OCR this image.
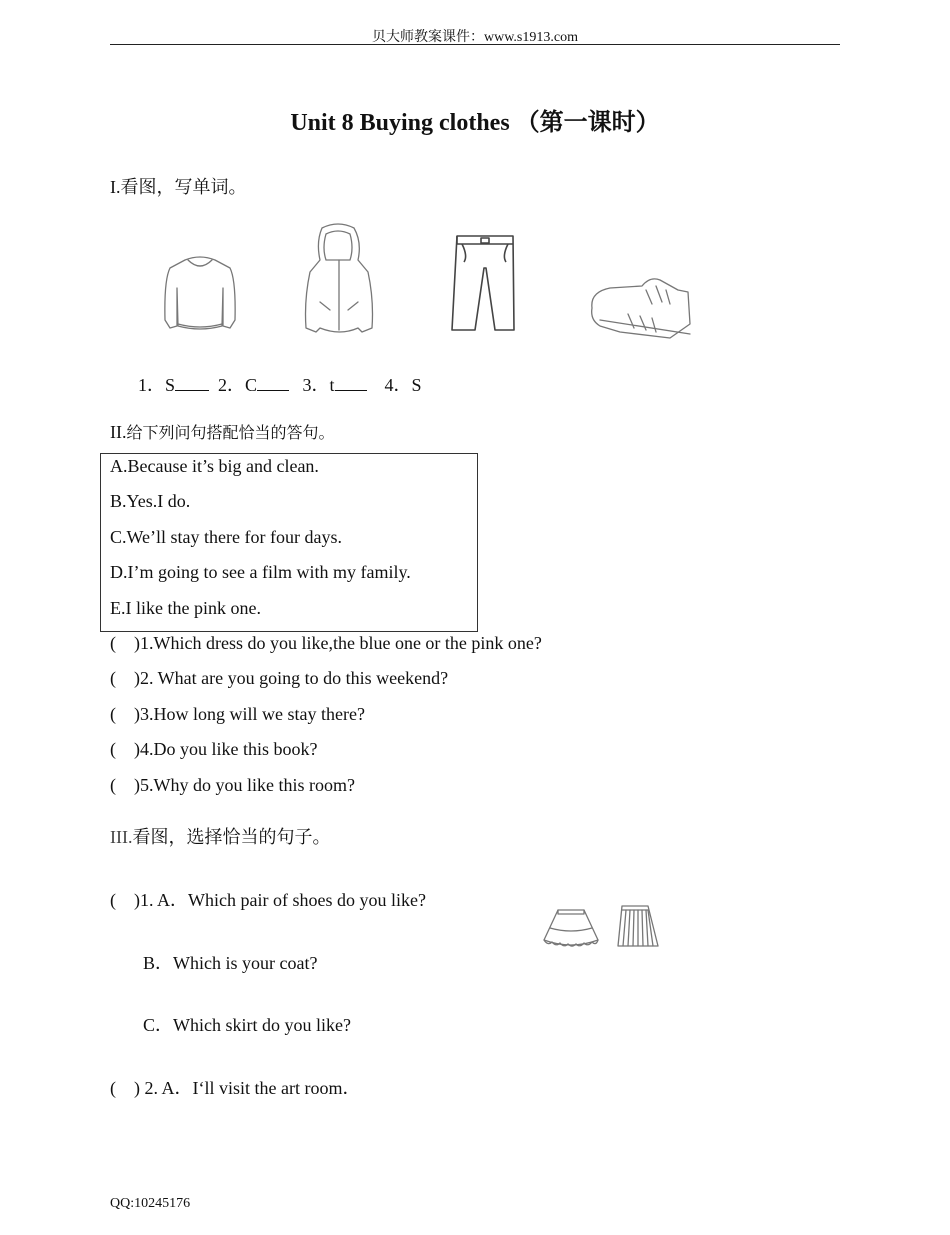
贝大师教案课件：www.s1913.com
Unit 8 Buying clothes （第一课时）
I.看图，写单词。
1．S 2．C	3．t	4．S
II.给下列问句搭配恰当的答句。
A.Because it’s big and clean.
B.Yes.I do.
C.We’ll stay there for four days.
D.I’m going to see a film with my family.
E.I like the pink one.
(    )1.Which dress do you like,the blue one or the pink one?
(    )2. What are you going to do this weekend?
(    )3.How long will we stay there?
(    )4.Do you like this book?
(    )5.Why do you like this room?
III.看图，选择恰当的句子。
(    )1. A．Which pair of shoes do you like?
B．Which is your coat?
C．Which skirt do you like?
(    ) 2. A．I‘ll visit the art room．
QQ:10245176
